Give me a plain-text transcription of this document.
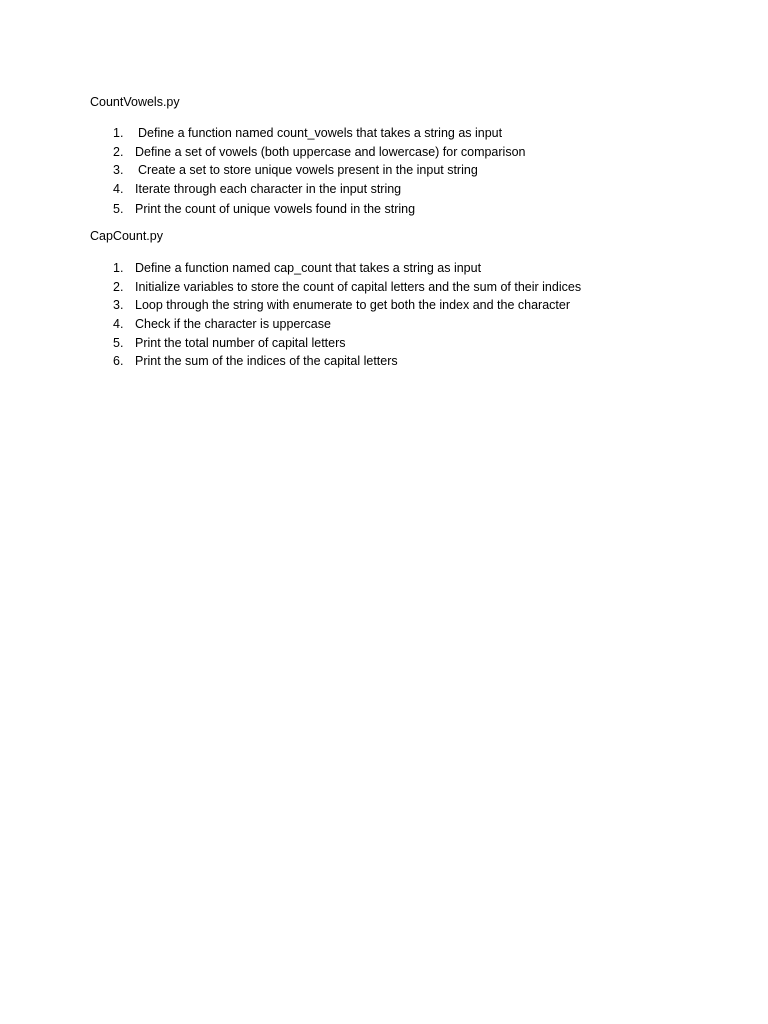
CountVowels.py

1.	Define a function named count_vowels that takes a string as input
2. Define a set of vowels (both uppercase and lowercase) for comparison
3.	Create a set to store unique vowels present in the input string
4. Iterate through each character in the input string
5. Print the count of unique vowels found in the string

CapCount.py

1. Define a function named cap_count that takes a string as input
2. Initialize variables to store the count of capital letters and the sum of their indices
3. Loop through the string with enumerate to get both the index and the character
4. Check if the character is uppercase
5. Print the total number of capital letters
6. Print the sum of the indices of the capital letters
